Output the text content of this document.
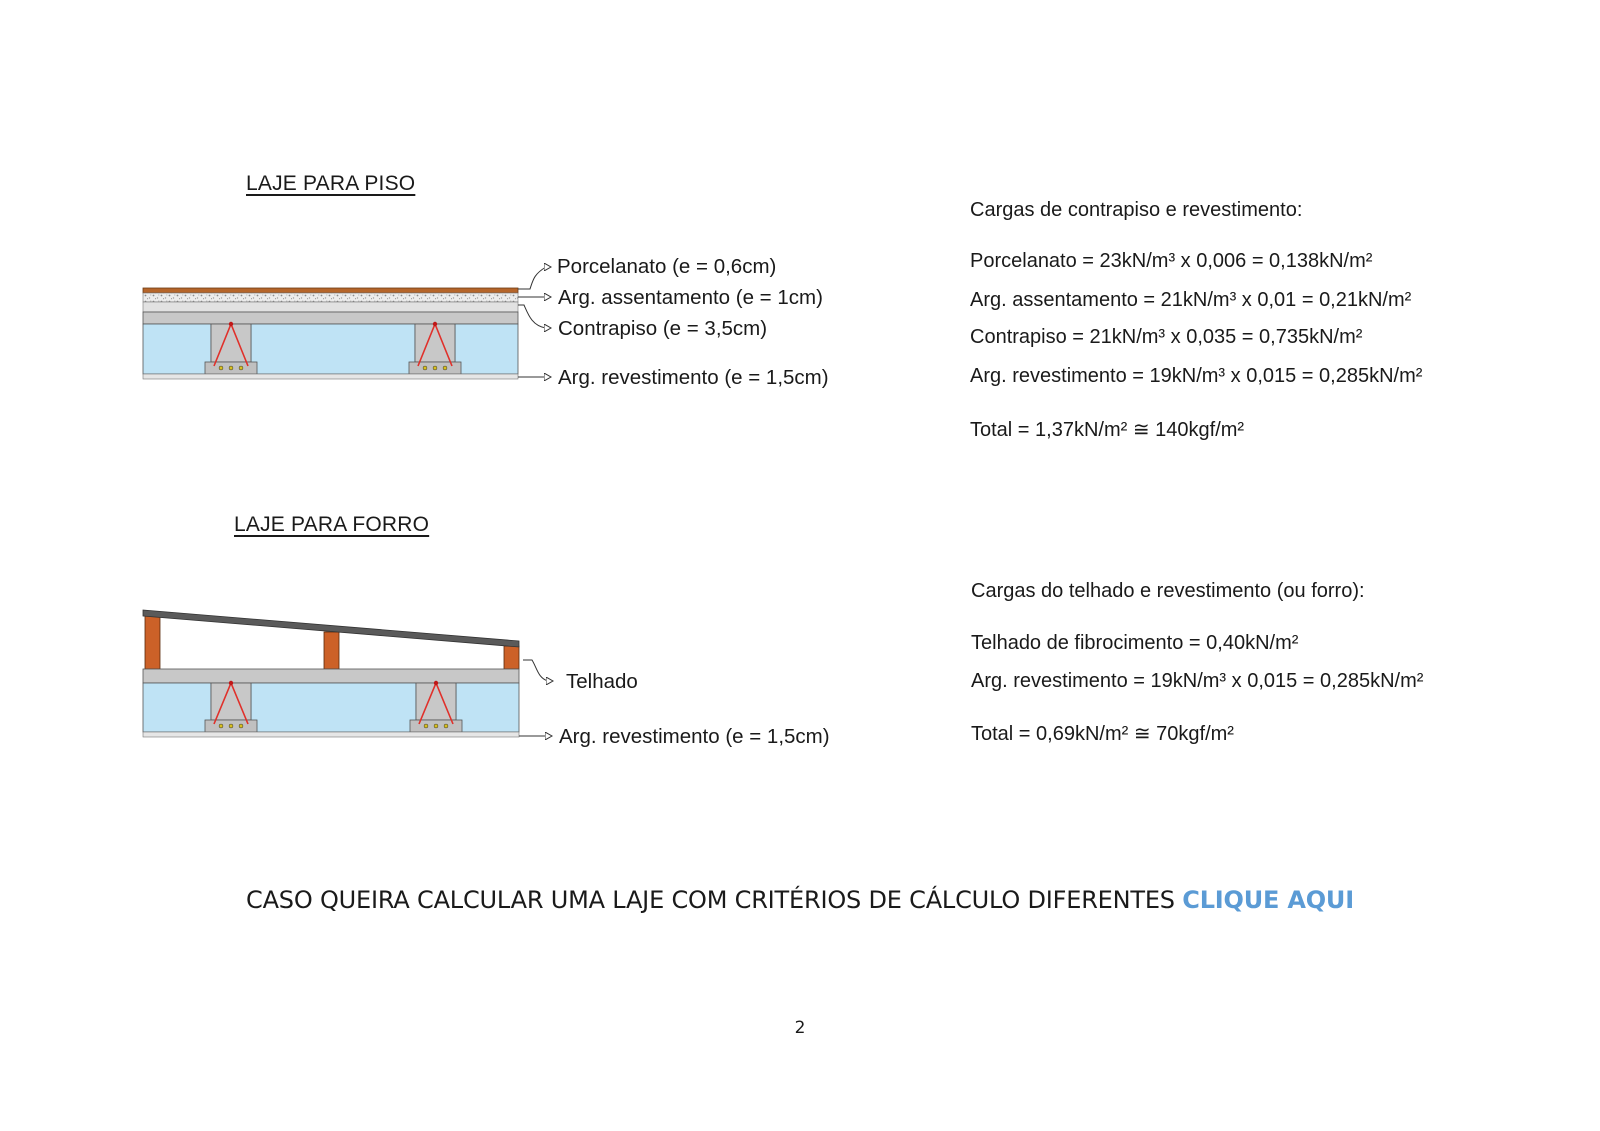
LAJE PARA PISO
LAJE PARA FORRO
Porcelanato (e = 0,6cm)
Arg. assentamento (e = 1cm)
Contrapiso (e = 3,5cm)
Arg. revestimento (e = 1,5cm)
Telhado
Arg. revestimento (e = 1,5cm)
Cargas de contrapiso e revestimento:
Porcelanato = 23kN/m³ x 0,006 = 0,138kN/m²
Arg. assentamento = 21kN/m³ x 0,01 = 0,21kN/m²
Contrapiso = 21kN/m³ x 0,035 = 0,735kN/m²
Arg. revestimento = 19kN/m³ x 0,015 = 0,285kN/m²
Total = 1,37kN/m² ≅ 140kgf/m²
Cargas do telhado e revestimento (ou forro):
Telhado de fibrocimento = 0,40kN/m²
Arg. revestimento = 19kN/m³ x 0,015 = 0,285kN/m²
Total = 0,69kN/m² ≅ 70kgf/m²
CASO QUEIRA CALCULAR UMA LAJE COM CRITÉRIOS DE CÁLCULO DIFERENTES CLIQUE AQUI
2
